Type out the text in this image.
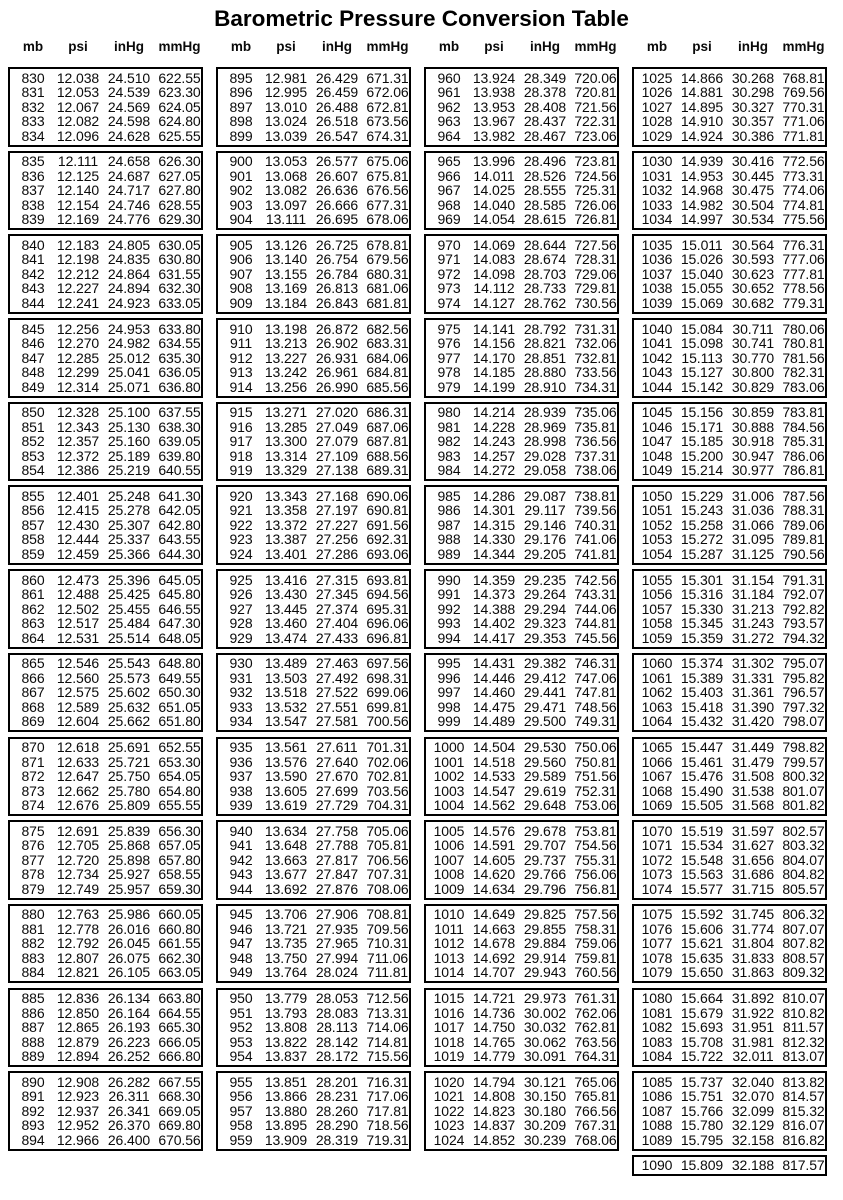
Barometric Pressure Conversion Table
mb	psi	inHg	mmHg
830 12.038 24.510 622.55
831 12.053 24.539 623.30
832 12.067 24.569 624.05
833 12.082 24.598 624.80
834 12.096 24.628 625.55
835 12.111 24.658 626.30
836 12.125 24.687 627.05
837 12.140 24.717 627.80
838 12.154 24.746 628.55
839 12.169 24.776 629.30
840 12.183 24.805 630.05
841 12.198 24.835 630.80
842 12.212 24.864 631.55
843 12.227 24.894 632.30
844 12.241 24.923 633.05
845 12.256 24.953 633.80
846 12.270 24.982 634.55
847 12.285 25.012 635.30
848 12.299 25.041 636.05
849 12.314 25.071 636.80
850 12.328 25.100 637.55
851 12.343 25.130 638.30
852 12.357 25.160 639.05
853 12.372 25.189 639.80
854 12.386 25.219 640.55
855 12.401 25.248 641.30
856 12.415 25.278 642.05
857 12.430 25.307 642.80
858 12.444 25.337 643.55
859 12.459 25.366 644.30
860 12.473 25.396 645.05
861 12.488 25.425 645.80
862 12.502 25.455 646.55
863 12.517 25.484 647.30
864 12.531 25.514 648.05
865 12.546 25.543 648.80
866 12.560 25.573 649.55
867 12.575 25.602 650.30
868 12.589 25.632 651.05
869 12.604 25.662 651.80
870 12.618 25.691 652.55
871 12.633 25.721 653.30
872 12.647 25.750 654.05
873 12.662 25.780 654.80
874 12.676 25.809 655.55
875 12.691 25.839 656.30
876 12.705 25.868 657.05
877 12.720 25.898 657.80
878 12.734 25.927 658.55
879 12.749 25.957 659.30
880 12.763 25.986 660.05
881 12.778 26.016 660.80
882 12.792 26.045 661.55
883 12.807 26.075 662.30
884 12.821 26.105 663.05
885 12.836 26.134 663.80
886 12.850 26.164 664.55
887 12.865 26.193 665.30
888 12.879 26.223 666.05
889 12.894 26.252 666.80
890 12.908 26.282 667.55
891 12.923 26.311 668.30
892 12.937 26.341 669.05
893 12.952 26.370 669.80
894 12.966 26.400 670.56
mb	psi	inHg	mmHg
895 12.981 26.429 671.31
896 12.995 26.459 672.06
897 13.010 26.488 672.81
898 13.024 26.518 673.56
899 13.039 26.547 674.31
900 13.053 26.577 675.06
901 13.068 26.607 675.81
902 13.082 26.636 676.56
903 13.097 26.666 677.31
904 13.111 26.695 678.06
905 13.126 26.725 678.81
906 13.140 26.754 679.56
907 13.155 26.784 680.31
908 13.169 26.813 681.06
909 13.184 26.843 681.81
910 13.198 26.872 682.56
911 13.213 26.902 683.31
912 13.227 26.931 684.06
913 13.242 26.961 684.81
914 13.256 26.990 685.56
915 13.271 27.020 686.31
916 13.285 27.049 687.06
917 13.300 27.079 687.81
918 13.314 27.109 688.56
919 13.329 27.138 689.31
920 13.343 27.168 690.06
921 13.358 27.197 690.81
922 13.372 27.227 691.56
923 13.387 27.256 692.31
924 13.401 27.286 693.06
925 13.416 27.315 693.81
926 13.430 27.345 694.56
927 13.445 27.374 695.31
928 13.460 27.404 696.06
929 13.474 27.433 696.81
930 13.489 27.463 697.56
931 13.503 27.492 698.31
932 13.518 27.522 699.06
933 13.532 27.551 699.81
934 13.547 27.581 700.56
935 13.561 27.611 701.31
936 13.576 27.640 702.06
937 13.590 27.670 702.81
938 13.605 27.699 703.56
939 13.619 27.729 704.31
940 13.634 27.758 705.06
941 13.648 27.788 705.81
942 13.663 27.817 706.56
943 13.677 27.847 707.31
944 13.692 27.876 708.06
945 13.706 27.906 708.81
946 13.721 27.935 709.56
947 13.735 27.965 710.31
948 13.750 27.994 711.06
949 13.764 28.024 711.81
950 13.779 28.053 712.56
951 13.793 28.083 713.31
952 13.808 28.113 714.06
953 13.822 28.142 714.81
954 13.837 28.172 715.56
955 13.851 28.201 716.31
956 13.866 28.231 717.06
957 13.880 28.260 717.81
958 13.895 28.290 718.56
959 13.909 28.319 719.31
mb	psi	inHg	mmHg
960 13.924 28.349 720.06
961 13.938 28.378 720.81
962 13.953 28.408 721.56
963 13.967 28.437 722.31
964 13.982 28.467 723.06
965 13.996 28.496 723.81
966 14.011 28.526 724.56
967 14.025 28.555 725.31
968 14.040 28.585 726.06
969 14.054 28.615 726.81
970 14.069 28.644 727.56
971 14.083 28.674 728.31
972 14.098 28.703 729.06
973 14.112 28.733 729.81
974 14.127 28.762 730.56
975 14.141 28.792 731.31
976 14.156 28.821 732.06
977 14.170 28.851 732.81
978 14.185 28.880 733.56
979 14.199 28.910 734.31
980 14.214 28.939 735.06
981 14.228 28.969 735.81
982 14.243 28.998 736.56
983 14.257 29.028 737.31
984 14.272 29.058 738.06
985 14.286 29.087 738.81
986 14.301 29.117 739.56
987 14.315 29.146 740.31
988 14.330 29.176 741.06
989 14.344 29.205 741.81
990 14.359 29.235 742.56
991 14.373 29.264 743.31
992 14.388 29.294 744.06
993 14.402 29.323 744.81
994 14.417 29.353 745.56
995 14.431 29.382 746.31
996 14.446 29.412 747.06
997 14.460 29.441 747.81
998 14.475 29.471 748.56
999 14.489 29.500 749.31
1000 14.504 29.530 750.06
1001 14.518 29.560 750.81
1002 14.533 29.589 751.56
1003 14.547 29.619 752.31
1004 14.562 29.648 753.06
1005 14.576 29.678 753.81
1006 14.591 29.707 754.56
1007 14.605 29.737 755.31
1008 14.620 29.766 756.06
1009 14.634 29.796 756.81
1010 14.649 29.825 757.56
1011 14.663 29.855 758.31
1012 14.678 29.884 759.06
1013 14.692 29.914 759.81
1014 14.707 29.943 760.56
1015 14.721 29.973 761.31
1016 14.736 30.002 762.06
1017 14.750 30.032 762.81
1018 14.765 30.062 763.56
1019 14.779 30.091 764.31
1020 14.794 30.121 765.06
1021 14.808 30.150 765.81
1022 14.823 30.180 766.56
1023 14.837 30.209 767.31
1024 14.852 30.239 768.06
mb	psi	inHg	mmHg
1025 14.866 30.268 768.81
1026 14.881 30.298 769.56
1027 14.895 30.327 770.31
1028 14.910 30.357 771.06
1029 14.924 30.386 771.81
1030 14.939 30.416 772.56
1031 14.953 30.445 773.31
1032 14.968 30.475 774.06
1033 14.982 30.504 774.81
1034 14.997 30.534 775.56
1035 15.011 30.564 776.31
1036 15.026 30.593 777.06
1037 15.040 30.623 777.81
1038 15.055 30.652 778.56
1039 15.069 30.682 779.31
1040 15.084 30.711 780.06
1041 15.098 30.741 780.81
1042 15.113 30.770 781.56
1043 15.127 30.800 782.31
1044 15.142 30.829 783.06
1045 15.156 30.859 783.81
1046 15.171 30.888 784.56
1047 15.185 30.918 785.31
1048 15.200 30.947 786.06
1049 15.214 30.977 786.81
1050 15.229 31.006 787.56
1051 15.243 31.036 788.31
1052 15.258 31.066 789.06
1053 15.272 31.095 789.81
1054 15.287 31.125 790.56
1055 15.301 31.154 791.31
1056 15.316 31.184 792.07
1057 15.330 31.213 792.82
1058 15.345 31.243 793.57
1059 15.359 31.272 794.32
1060 15.374 31.302 795.07
1061 15.389 31.331 795.82
1062 15.403 31.361 796.57
1063 15.418 31.390 797.32
1064 15.432 31.420 798.07
1065 15.447 31.449 798.82
1066 15.461 31.479 799.57
1067 15.476 31.508 800.32
1068 15.490 31.538 801.07
1069 15.505 31.568 801.82
1070 15.519 31.597 802.57
1071 15.534 31.627 803.32
1072 15.548 31.656 804.07
1073 15.563 31.686 804.82
1074 15.577 31.715 805.57
1075 15.592 31.745 806.32
1076 15.606 31.774 807.07
1077 15.621 31.804 807.82
1078 15.635 31.833 808.57
1079 15.650 31.863 809.32
1080 15.664 31.892 810.07
1081 15.679 31.922 810.82
1082 15.693 31.951 811.57
1083 15.708 31.981 812.32
1084 15.722 32.011 813.07
1085 15.737 32.040 813.82
1086 15.751 32.070 814.57
1087 15.766 32.099 815.32
1088 15.780 32.129 816.07
1089 15.795 32.158 816.82
1090 15.809 32.188 817.57
